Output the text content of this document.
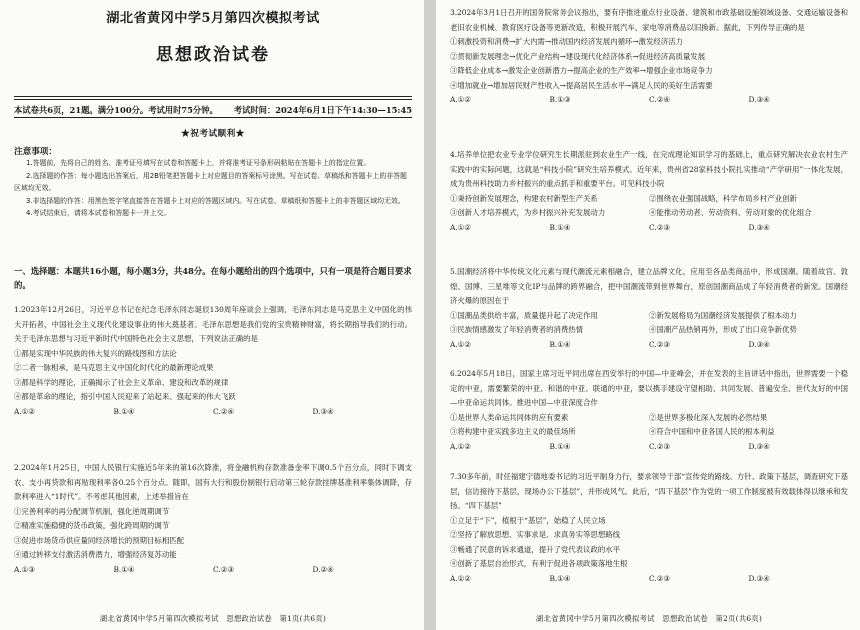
湖北省黄冈中学5月第四次模拟考试
思想政治试卷
本试卷共6页，21题。满分100分。考试用时75分钟。 考试时间：2024年6月1日下午14:30—15:45
★祝考试顺利★
注意事项：

1.答题前，先将自己的姓名、准考证号填写在试卷和答题卡上，并将准考证号条形码粘贴在答题卡上的指定位置。

2.选择题的作答：每小题选出答案后，用2B铅笔把答题卡上对应题目的答案标号涂黑。写在试卷、草稿纸和答题卡上的非答题区域均无效。

3.非选择题的作答：用黑色签字笔直接答在答题卡上对应的答题区域内。写在试卷、草稿纸和答题卡上的非答题区域均无效。

4.考试结束后，请将本试卷和答题卡一并上交。

一、选择题：本题共16小题，每小题3分，共48分。在每小题给出的四个选项中，只有一项是符合题目要求的。

1.2023年12月26日，习近平总书记在纪念毛泽东同志诞辰130周年座谈会上强调，毛泽东同志是马克思主义中国化的伟大开拓者，中国社会主义现代化建设事业的伟大奠基者。毛泽东思想是我们党的宝贵精神财富，将长期指导我们的行动。关于毛泽东思想与习近平新时代中国特色社会主义思想，下列说法正确的是

①都是实现中华民族的伟大复兴的路线图和方法论

②二者一脉相承，是马克思主义中国化时代化的最新理论成果

③都是科学的理论，正确揭示了社会主义革命、建设和改革的规律

④都是革命的理论，指引中国人民迎来了站起来、强起来的伟大飞跃

A.①②	B.①④	C.②④	D.③④

2.2024年1月25日，中国人民银行实施近5年来的第16次降准，将金融机构存款准备金率下调0.5个百分点，同时下调支农、支小再贷款和再贴现利率各0.25个百分点。随即，国有大行和股份制银行启动第三轮存款挂牌基准利率集体调降，存款利率进入“1时代”。不考虑其他因素，上述举措旨在

①完善利率的再分配调节机制，强化逆周期调节

②精准实施稳健的货币政策，强化跨周期的调节

③促进市场货币供应量同经济增长的预期目标相匹配

④通过转移支付激活消费潜力，增强经济复苏动能

A.①③	B.①④	C.②③	D.②④
湖北省黄冈中学5月第四次模拟考试　思想政治试卷　第1页(共6页)

3.2024年3月1日召开的国务院常务会议指出，要有序推进重点行业设备、建筑和市政基础设施领域设备、交通运输设备和老旧农业机械、教育医疗设备等更新改造，积极开展汽车、家电等消费品以旧换新。据此，下列传导正确的是

①刺激投资和消费→扩大内需→推动国内经济发展内循环→激发经济活力

②贯彻新发展理念→优化产业结构→建设现代化经济体系→促进经济高质量发展

③降低企业成本→激发企业创新潜力→提高企业的生产效率→增强企业市场竞争力

④增加就业→增加居民财产性收入→提高居民生活水平→满足人民的美好生活需要

A.①②	B.①③	C.②④	D.③④

4.培养单位把农业专业学位研究生长期派驻到农业生产一线，在完成理论知识学习的基础上，重点研究解决农业农村生产实践中的实际问题，这就是“科技小院”研究生培养模式。近年来，贵州省28家科技小院扎实推动“产学研用”一体化发展，成为贵州科技助力乡村振兴的重点抓手和重要平台。可见科技小院

①秉持创新发展理念，构建农村新型生产关系	②围绕农业强国战略，科学布局乡村产业创新
③创新人才培养模式，为乡村振兴补充发展动力	④能推动劳动者、劳动资料、劳动对象的优化组合
A.①②	B.①④	C.②③	D.③④

5.国潮经济将中华传统文化元素与现代潮流元素相融合，建立品牌文化，应用至各品类商品中，形成国潮。随着故宫、敦煌、国博、三星堆等文化IP与品牌的跨界融合，把中国潮流带到世界舞台，原创国潮商品成了年轻消费者的新宠。国潮经济火爆的原因在于

①国潮品类供给丰富，质量提升起了决定作用	②新发展格局为国潮经济发展提供了根本动力
③民族情感激发了年轻消费者的消费热情	④国潮产品热销再外，形成了出口竞争新优势
A.①②	B.①④	C.②③	D.③④

6.2024年5月18日，国家主席习近平同出席在西安举行的中国—中亚峰会，并在发表的主旨讲话中指出，世界需要一个稳定的中亚，需要繁荣的中亚、和谐的中亚、联通的中亚，要以携手建设守望相助、共同发展、普遍安全、世代友好的中国—中亚命运共同体。推进中国—中亚深度合作

①是世界人类命运共同体的应有要素	②是世界多极化深入发展的必然结果
③将构建中亚实践多边主义的最佳场所	④符合中国和中亚各国人民的根本利益
A.①②	B.①④	C.②③	D.③④

7.30多年前，时任福建宁德地委书记的习近平制身力行，要求领导干部“宣传党的路线、方针、政策下基层，调查研究下基层，信访接待下基层，现场办公下基层”，并形成风气。此后，“四下基层”作为党的一项工作制度被有效载体得以继承和发扬。“四下基层”

①立足于“下”，植根于“基层”，始稳了人民立场

②坚持了解放思想、实事求是、求真务实等思想路线

③畅通了民意的诉求通道，提升了党代表议政的水平

④创新了基层自治形式，有利于促进各项政策落地生根

A.①②	B.①④	C.②③	D.③④
湖北省黄冈中学5月第四次模拟考试　思想政治试卷　第2页(共6页)
